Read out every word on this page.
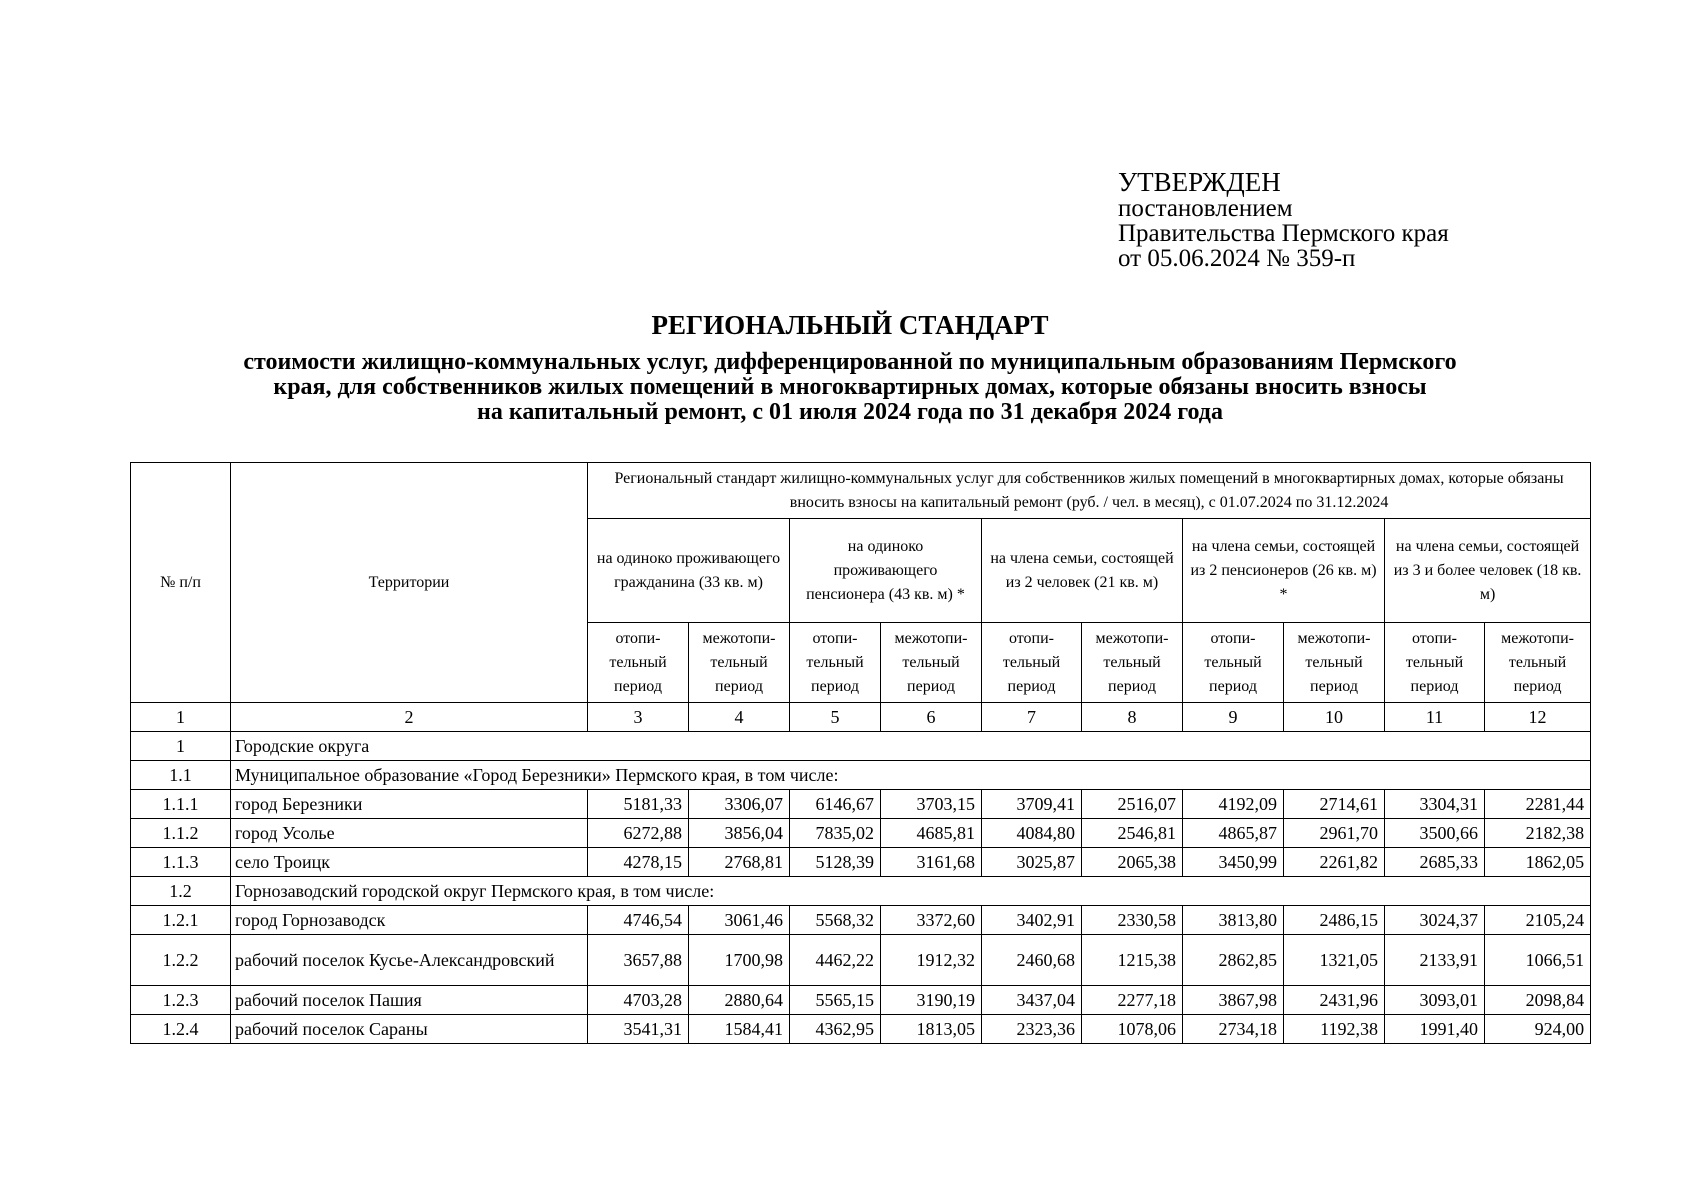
УТВЕРЖДЕН
постановлением
Правительства Пермского края
от 05.06.2024 № 359-п
РЕГИОНАЛЬНЫЙ СТАНДАРТ
стоимости жилищно-коммунальных услуг, дифференцированной по муниципальным образованиям Пермского
края, для собственников жилых помещений в многоквартирных домах, которые обязаны вносить взносы
на капитальный ремонт, с 01 июля 2024 года по 31 декабря 2024 года
№ п/п	Территории	Региональный стандарт жилищно-коммунальных услуг для собственников жилых помещений в многоквартирных домах, которые обязаны вносить взносы на капитальный ремонт (руб. / чел. в месяц), с 01.07.2024 по 31.12.2024									
		на одиноко проживающего гражданина (33 кв. м)		на одиноко проживающего пенсионера (43 кв. м) *		на члена семьи, состоящей из 2 человек (21 кв. м)		на члена семьи, состоящей из 2 пенсионеров (26 кв. м) *		на члена семьи, состоящей из 3 и более человек (18 кв. м)	
		отопи-тельный период	межотопи-тельный период	отопи-тельный период	межотопи-тельный период	отопи-тельный период	межотопи-тельный период	отопи-тельный период	межотопи-тельный период	отопи-тельный период	межотопи-тельный период
1	2	3	4	5	6	7	8	9	10	11	12
1	Городские округа										
1.1	Муниципальное образование «Город Березники» Пермского края, в том числе:										
1.1.1	город Березники	5181,33	3306,07	6146,67	3703,15	3709,41	2516,07	4192,09	2714,61	3304,31	2281,44
1.1.2	город Усолье	6272,88	3856,04	7835,02	4685,81	4084,80	2546,81	4865,87	2961,70	3500,66	2182,38
1.1.3	село Троицк	4278,15	2768,81	5128,39	3161,68	3025,87	2065,38	3450,99	2261,82	2685,33	1862,05
1.2	Горнозаводский городской округ Пермского края, в том числе:										
1.2.1	город Горнозаводск	4746,54	3061,46	5568,32	3372,60	3402,91	2330,58	3813,80	2486,15	3024,37	2105,24
1.2.2	рабочий поселок Кусье-Александровский	3657,88	1700,98	4462,22	1912,32	2460,68	1215,38	2862,85	1321,05	2133,91	1066,51
1.2.3	рабочий поселок Пашия	4703,28	2880,64	5565,15	3190,19	3437,04	2277,18	3867,98	2431,96	3093,01	2098,84
1.2.4	рабочий поселок Сараны	3541,31	1584,41	4362,95	1813,05	2323,36	1078,06	2734,18	1192,38	1991,40	924,00
